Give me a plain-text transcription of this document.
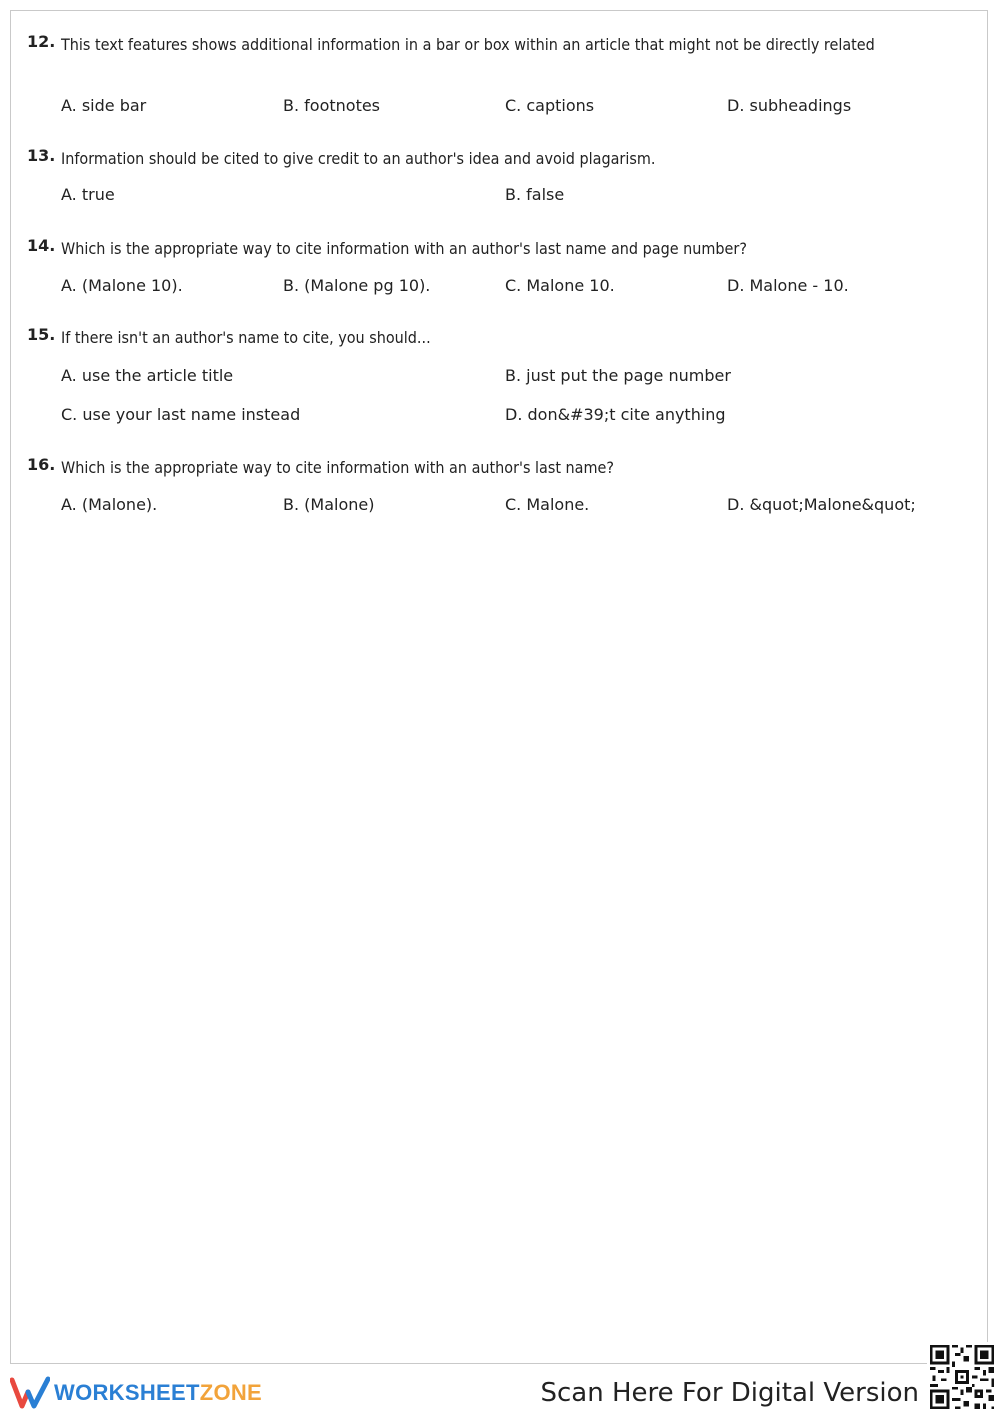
12. This text features shows additional information in a bar or box within an article that might not be directly related
A. side bar	B. footnotes	C. captions	D. subheadings
13. Information should be cited to give credit to an author's idea and avoid plagarism.
A. true	B. false
14. Which is the appropriate way to cite information with an author's last name and page number?
A. (Malone 10).	B. (Malone pg 10).	C. Malone 10.	D. Malone - 10.
15. If there isn't an author's name to cite, you should...
A. use the article title	B. just put the page number
C. use your last name instead	D. don&#39;t cite anything
16. Which is the appropriate way to cite information with an author's last name?
A. (Malone).	B. (Malone)	C. Malone.	D. &quot;Malone&quot;
WORKSHEETZONE	Scan Here For Digital Version
